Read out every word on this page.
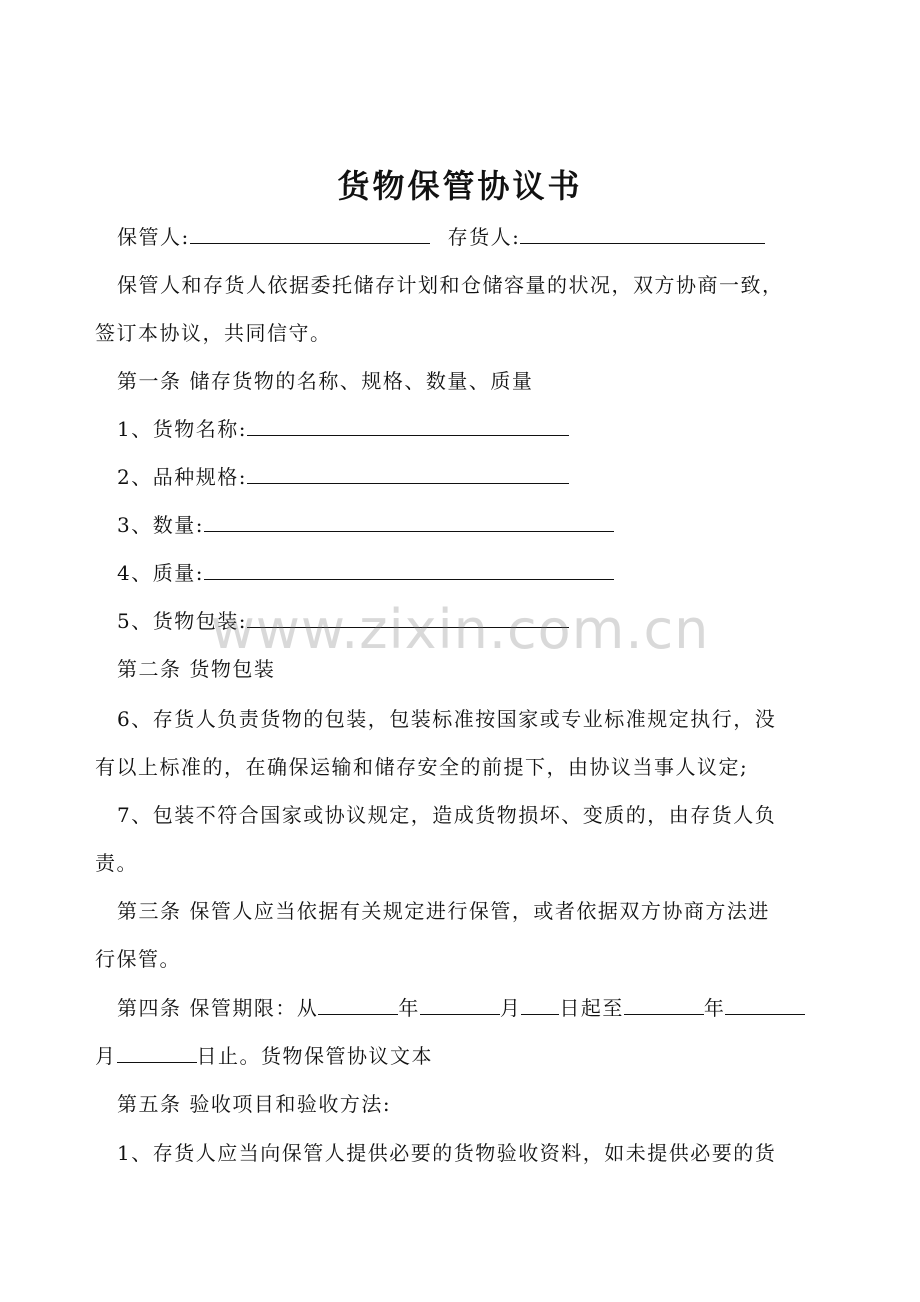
货物保管协议书
保管人:	存货人:
保管人和存货人依据委托储存计划和仓储容量的状况，双方协商一致，
签订本协议，共同信守。
第一条 储存货物的名称、规格、数量、质量
1、货物名称:
2、品种规格:
3、数量:
4、质量:
5、货物包装:
第二条 货物包装
6、存货人负责货物的包装，包装标准按国家或专业标准规定执行，没
有以上标准的，在确保运输和储存安全的前提下，由协议当事人议定;
7、包装不符合国家或协议规定，造成货物损坏、变质的，由存货人负
责。
第三条 保管人应当依据有关规定进行保管，或者依据双方协商方法进
行保管。
第四条 保管期限：从	年	月 日起至	年
月	日止。货物保管协议文本
第五条 验收项目和验收方法:
1、存货人应当向保管人提供必要的货物验收资料，如未提供必要的货
www.zixin.com.cn
